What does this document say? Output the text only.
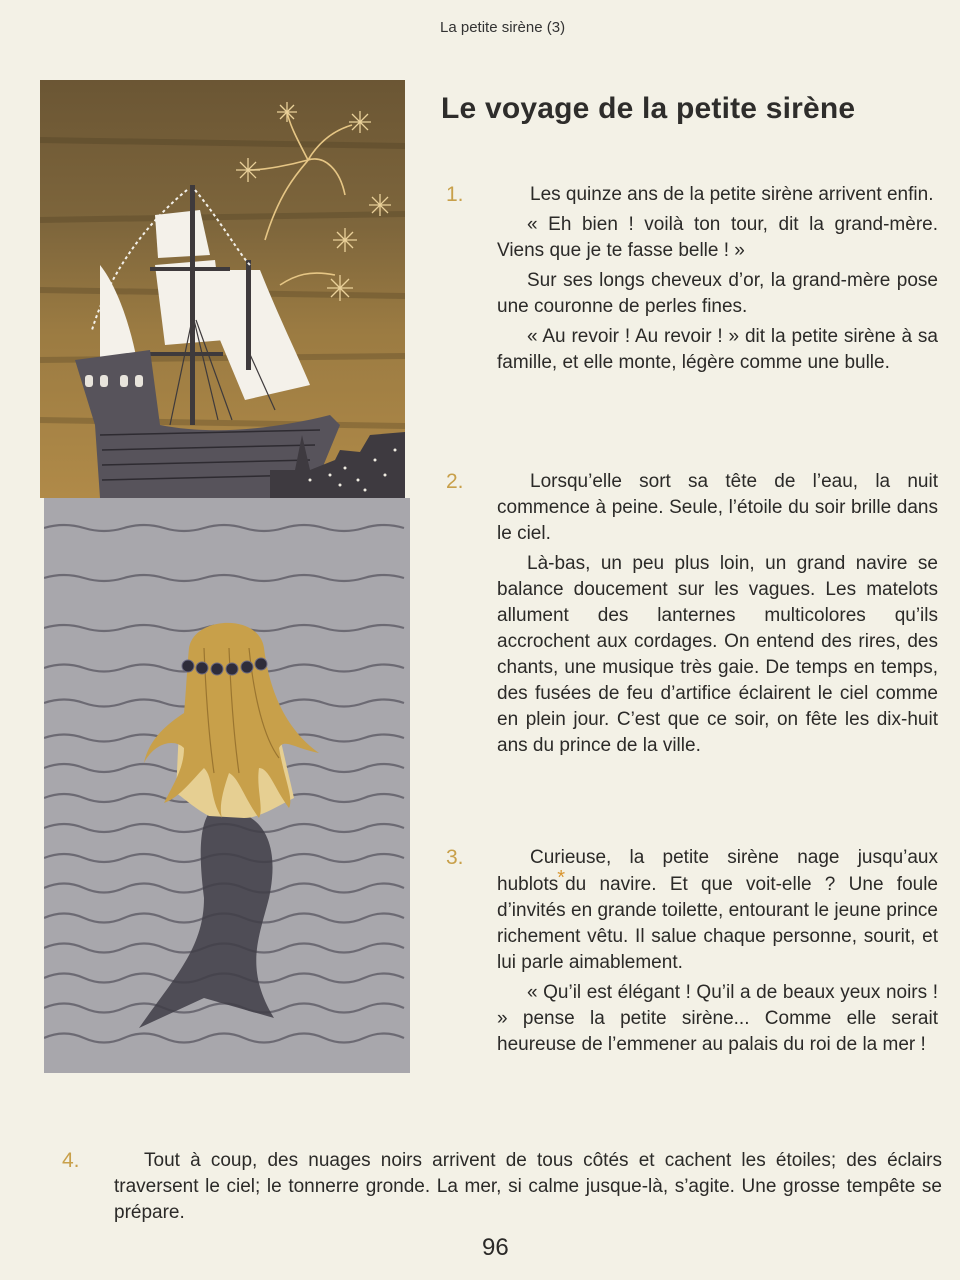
La petite sirène (3)
Le voyage de la petite sirène
1.	Les quinze ans de la petite sirène arrivent enfin.

« Eh bien ! voilà ton tour, dit la grand-mère. Viens que je te fasse belle ! »

Sur ses longs cheveux d’or, la grand-mère pose une couronne de perles fines.

« Au revoir ! Au revoir ! » dit la petite sirène à sa famille, et elle monte, légère comme une bulle.

2.	Lorsqu’elle sort sa tête de l’eau, la nuit commence à peine. Seule, l’étoile du soir brille dans le ciel.

Là-bas, un peu plus loin, un grand navire se balance doucement sur les vagues. Les matelots allument des lanternes multicolores qu’ils accrochent aux cordages. On entend des rires, des chants, une musique très gaie. De temps en temps, des fusées de feu d’artifice éclairent le ciel comme en plein jour. C’est que ce soir, on fête les dix-huit ans du prince de la ville.

3.	Curieuse, la petite sirène nage jusqu’aux hublots*du navire. Et que voit-elle ? Une foule d’invités en grande toilette, entourant le jeune prince richement vêtu. Il salue chaque personne, sourit, et lui parle aimablement.

« Qu’il est élégant ! Qu’il a de beaux yeux noirs ! » pense la petite sirène... Comme elle serait heureuse de l’emmener au palais du roi de la mer !

4.	Tout à coup, des nuages noirs arrivent de tous côtés et cachent les étoiles; des éclairs traversent le ciel; le tonnerre gronde. La mer, si calme jusque-là, s’agite. Une grosse tempête se prépare.

96
